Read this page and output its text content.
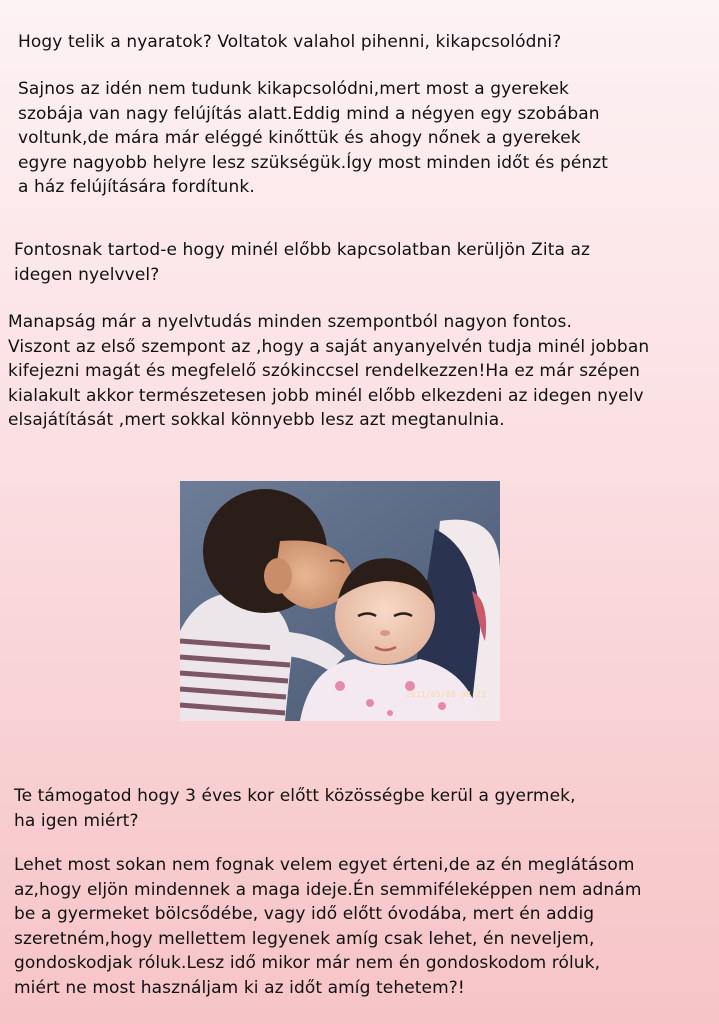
Hogy telik a nyaratok? Voltatok valahol pihenni, kikapcsolódni?
Sajnos az idén nem tudunk kikapcsolódni,mert most a gyerekek
szobája van nagy felújítás alatt.Eddig mind a négyen egy szobában
voltunk,de mára már eléggé kinőttük és ahogy nőnek a gyerekek
egyre nagyobb helyre lesz szükségük.Így most minden időt és pénzt
a ház felújítására fordítunk.
Fontosnak tartod-e hogy minél előbb kapcsolatban kerüljön Zita az
idegen nyelvvel?
Manapság már a nyelvtudás minden szempontból nagyon fontos.
Viszont az első szempont az ,hogy a saját anyanyelvén tudja minél jobban
kifejezni magát és megfelelő szókinccsel rendelkezzen!Ha ez már szépen
kialakult akkor természetesen jobb minél előbb elkezdeni az idegen nyelv
elsajátítását ,mert sokkal könnyebb lesz azt megtanulnia.
2011/05/08 08:22
Te támogatod hogy 3 éves kor előtt közösségbe kerül a gyermek,
ha igen miért?
Lehet most sokan nem fognak velem egyet érteni,de az én meglátásom
az,hogy eljön mindennek a maga ideje.Én semmiféleképpen nem adnám
be a gyermeket bölcsődébe, vagy idő előtt óvodába, mert én addig
szeretném,hogy mellettem legyenek amíg csak lehet, én neveljem,
gondoskodjak róluk.Lesz idő mikor már nem én gondoskodom róluk,
miért ne most használjam ki az időt amíg tehetem?!
